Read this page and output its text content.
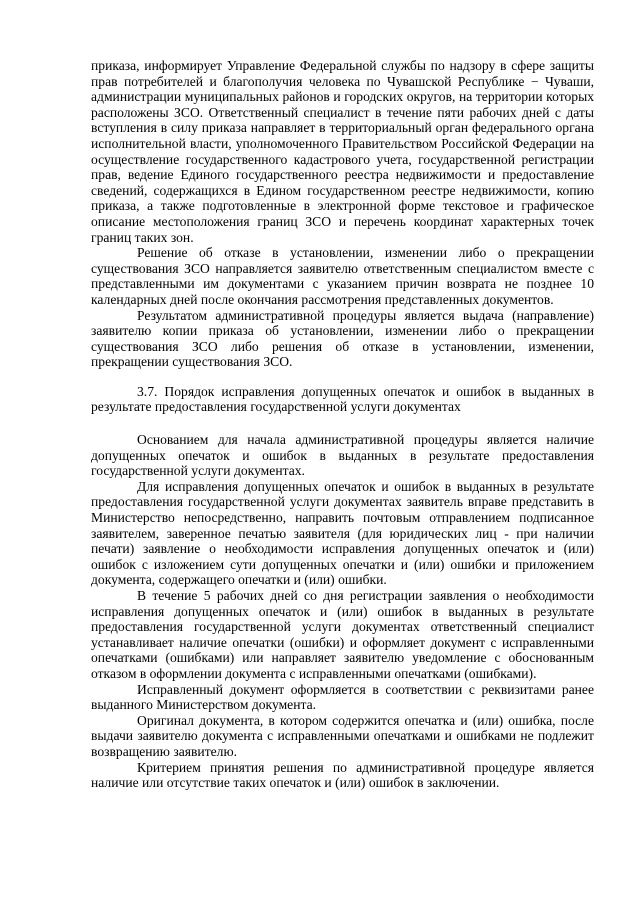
приказа, информирует Управление Федеральной службы по надзору в сфере защиты прав потребителей и благополучия человека по Чувашской Республике − Чуваши, администрации муниципальных районов и городских округов, на территории которых расположены ЗСО. Ответственный специалист в течение пяти рабочих дней с даты вступления в силу приказа направляет в территориальный орган федерального органа исполнительной власти, уполномоченного Правительством Российской Федерации на осуществление государственного кадастрового учета, государственной регистрации прав, ведение Единого государственного реестра недвижимости и предоставление сведений, содержащихся в Едином государственном реестре недвижимости, копию приказа, а также подготовленные в электронной форме текстовое и графическое описание местоположения границ ЗСО и перечень координат характерных точек границ таких зон.

Решение об отказе в установлении, изменении либо о прекращении существования ЗСО направляется заявителю ответственным специалистом вместе с представленными им документами с указанием причин возврата не позднее 10 календарных дней после окончания рассмотрения представленных документов.

Результатом административной процедуры является выдача (направление) заявителю копии приказа об установлении, изменении либо о прекращении существования ЗСО либо решения об отказе в установлении, изменении, прекращении существования ЗСО.

3.7. Порядок исправления допущенных опечаток и ошибок в выданных в результате предоставления государственной услуги документах

Основанием для начала административной процедуры является наличие допущенных опечаток и ошибок в выданных в результате предоставления государственной услуги документах.

Для исправления допущенных опечаток и ошибок в выданных в результате предоставления государственной услуги документах заявитель вправе представить в Министерство непосредственно, направить почтовым отправлением подписанное заявителем, заверенное печатью заявителя (для юридических лиц - при наличии печати) заявление о необходимости исправления допущенных опечаток и (или) ошибок с изложением сути допущенных опечатки и (или) ошибки и приложением документа, содержащего опечатки и (или) ошибки.

В течение 5 рабочих дней со дня регистрации заявления о необходимости исправления допущенных опечаток и (или) ошибок в выданных в результате предоставления государственной услуги документах ответственный специалист устанавливает наличие опечатки (ошибки) и оформляет документ с исправленными опечатками (ошибками) или направляет заявителю уведомление с обоснованным отказом в оформлении документа с исправленными опечатками (ошибками).

Исправленный документ оформляется в соответствии с реквизитами ранее выданного Министерством документа.

Оригинал документа, в котором содержится опечатка и (или) ошибка, после выдачи заявителю документа с исправленными опечатками и ошибками не подлежит возвращению заявителю.

Критерием принятия решения по административной процедуре является наличие или отсутствие таких опечаток и (или) ошибок в заключении.
